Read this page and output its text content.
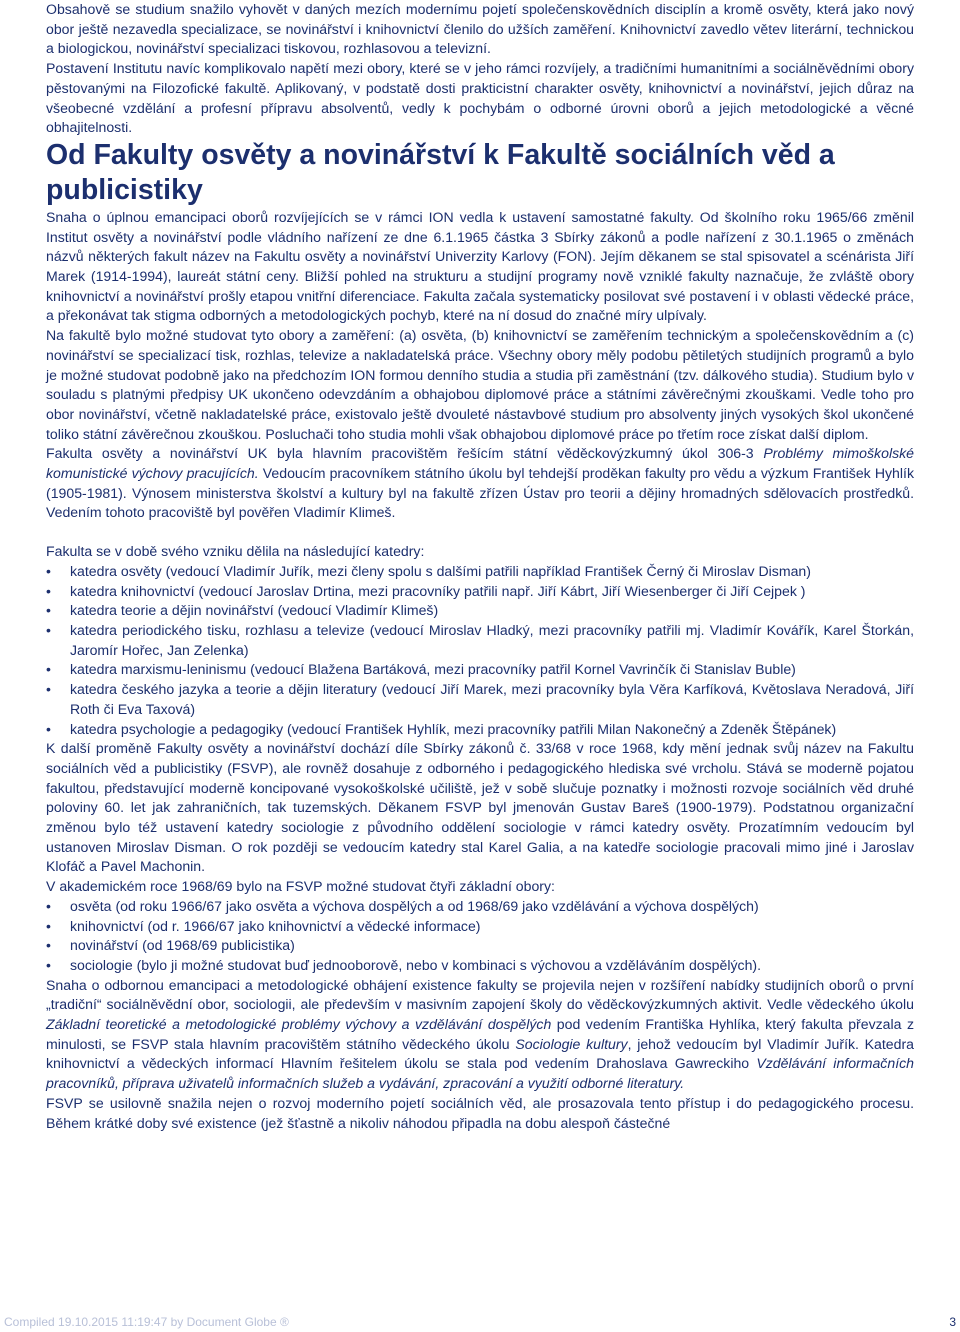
Obsahově se studium snažilo vyhovět v daných mezích modernímu pojetí společenskovědních disciplín a kromě osvěty, která jako nový obor ještě nezavedla specializace, se novinářství i knihovnictví členilo do užších zaměření. Knihovnictví zavedlo větev literární, technickou a biologickou, novinářství specializaci tiskovou, rozhlasovou a televizní.

Postavení Institutu navíc komplikovalo napětí mezi obory, které se v jeho rámci rozvíjely, a tradičními humanitními a sociálněvědními obory pěstovanými na Filozofické fakultě. Aplikovaný, v podstatě dosti prakticistní charakter osvěty, knihovnictví a novinářství, jejich důraz na všeobecné vzdělání a profesní přípravu absolventů, vedly k pochybám o odborné úrovni oborů a jejich metodologické a věcné obhajitelnosti.

Od Fakulty osvěty a novinářství k Fakultě sociálních věd a publicistiky

Snaha o úplnou emancipaci oborů rozvíjejících se v rámci ION vedla k ustavení samostatné fakulty. Od školního roku 1965/66 změnil Institut osvěty a novinářství podle vládního nařízení ze dne 6.1.1965 částka 3 Sbírky zákonů a podle nařízení z 30.1.1965 o změnách názvů některých fakult název na Fakultu osvěty a novinářství Univerzity Karlovy (FON). Jejím děkanem se stal spisovatel a scénárista Jiří Marek (1914-1994), laureát státní ceny. Bližší pohled na strukturu a studijní programy nově vzniklé fakulty naznačuje, že zvláště obory knihovnictví a novinářství prošly etapou vnitřní diferenciace. Fakulta začala systematicky posilovat své postavení i v oblasti vědecké práce, a překonávat tak stigma odborných a metodologických pochyb, které na ní dosud do značné míry ulpívaly.

Na fakultě bylo možné studovat tyto obory a zaměření: (a) osvěta, (b) knihovnictví se zaměřením technickým a společenskovědním a (c) novinářství se specializací tisk, rozhlas, televize a nakladatelská práce. Všechny obory měly podobu pětiletých studijních programů a bylo je možné studovat podobně jako na předchozím ION formou denního studia a studia při zaměstnání (tzv. dálkového studia). Studium bylo v souladu s platnými předpisy UK ukončeno odevzdáním a obhajobou diplomové práce a státními závěrečnými zkouškami. Vedle toho pro obor novinářství, včetně nakladatelské práce, existovalo ještě dvouleté nástavbové studium pro absolventy jiných vysokých škol ukončené toliko státní závěrečnou zkouškou. Posluchači toho studia mohli však obhajobou diplomové práce po třetím roce získat další diplom.

Fakulta osvěty a novinářství UK byla hlavním pracovištěm řešícím státní věděckovýzkumný úkol 306-3 Problémy mimoškolské komunistické výchovy pracujících. Vedoucím pracovníkem státního úkolu byl tehdejší proděkan fakulty pro vědu a výzkum František Hyhlík (1905-1981). Výnosem ministerstva školství a kultury byl na fakultě zřízen Ústav pro teorii a dějiny hromadných sdělovacích prostředků. Vedením tohoto pracoviště byl pověřen Vladimír Klimeš.

Fakulta se v době svého vzniku dělila na následující katedry:

• katedra osvěty (vedoucí Vladimír Juřík, mezi členy spolu s dalšími patřili například František Černý či Miroslav Disman)
• katedra knihovnictví (vedoucí Jaroslav Drtina, mezi pracovníky patřili např. Jiří Kábrt, Jiří Wiesenberger či Jiří Cejpek )
• katedra teorie a dějin novinářství (vedoucí Vladimír Klimeš)
• katedra periodického tisku, rozhlasu a televize (vedoucí Miroslav Hladký, mezi pracovníky patřili mj. Vladimír Kovářík, Karel Štorkán, Jaromír Hořec, Jan Zelenka)
• katedra marxismu-leninismu (vedoucí Blažena Bartáková, mezi pracovníky patřil Kornel Vavrinčík či Stanislav Buble)
• katedra českého jazyka a teorie a dějin literatury (vedoucí Jiří Marek, mezi pracovníky byla Věra Karfíková, Květoslava Neradová, Jiří Roth či Eva Taxová)
• katedra psychologie a pedagogiky (vedoucí František Hyhlík, mezi pracovníky patřili Milan Nakonečný a Zdeněk Štěpánek)

K další proměně Fakulty osvěty a novinářství dochází díle Sbírky zákonů č. 33/68 v roce 1968, kdy mění jednak svůj název na Fakultu sociálních věd a publicistiky (FSVP), ale rovněž dosahuje z odborného i pedagogického hlediska své vrcholu. Stává se moderně pojatou fakultou, představující moderně koncipované vysokoškolské učiliště, jež v sobě slučuje poznatky i možnosti rozvoje sociálních věd druhé poloviny 60. let jak zahraničních, tak tuzemských. Děkanem FSVP byl jmenován Gustav Bareš (1900-1979). Podstatnou organizační změnou bylo též ustavení katedry sociologie z původního oddělení sociologie v rámci katedry osvěty. Prozatímním vedoucím byl ustanoven Miroslav Disman. O rok později se vedoucím katedry stal Karel Galia, a na katedře sociologie pracovali mimo jiné i Jaroslav Klofáč a Pavel Machonin.

V akademickém roce 1968/69 bylo na FSVP možné studovat čtyři základní obory:

• osvěta (od roku 1966/67 jako osvěta a výchova dospělých a od 1968/69 jako vzdělávání a výchova dospělých)
• knihovnictví (od r. 1966/67 jako knihovnictví a vědecké informace)
• novinářství (od 1968/69 publicistika)
• sociologie (bylo ji možné studovat buď jednooborově, nebo v kombinaci s výchovou a vzděláváním dospělých).

Snaha o odbornou emancipaci a metodologické obhájení existence fakulty se projevila nejen v rozšíření nabídky studijních oborů o první „tradiční“ sociálněvědní obor, sociologii, ale především v masivním zapojení školy do věděckovýzkumných aktivit. Vedle vědeckého úkolu Základní teoretické a metodologické problémy výchovy a vzdělávání dospělých pod vedením Františka Hyhlíka, který fakulta převzala z minulosti, se FSVP stala hlavním pracovištěm státního vědeckého úkolu Sociologie kultury, jehož vedoucím byl Vladimír Juřík. Katedra knihovnictví a vědeckých informací Hlavním řešitelem úkolu se stala pod vedením Drahoslava Gawreckiho Vzdělávání informačních pracovníků, příprava uživatelů informačních služeb a vydávání, zpracování a využití odborné literatury.

FSVP se usilovně snažila nejen o rozvoj moderního pojetí sociálních věd, ale prosazovala tento přístup i do pedagogického procesu. Během krátké doby své existence (jež šťastně a nikoliv náhodou připadla na dobu alespoň částečné

Compiled 19.10.2015 11:19:47 by Document Globe ®	3
